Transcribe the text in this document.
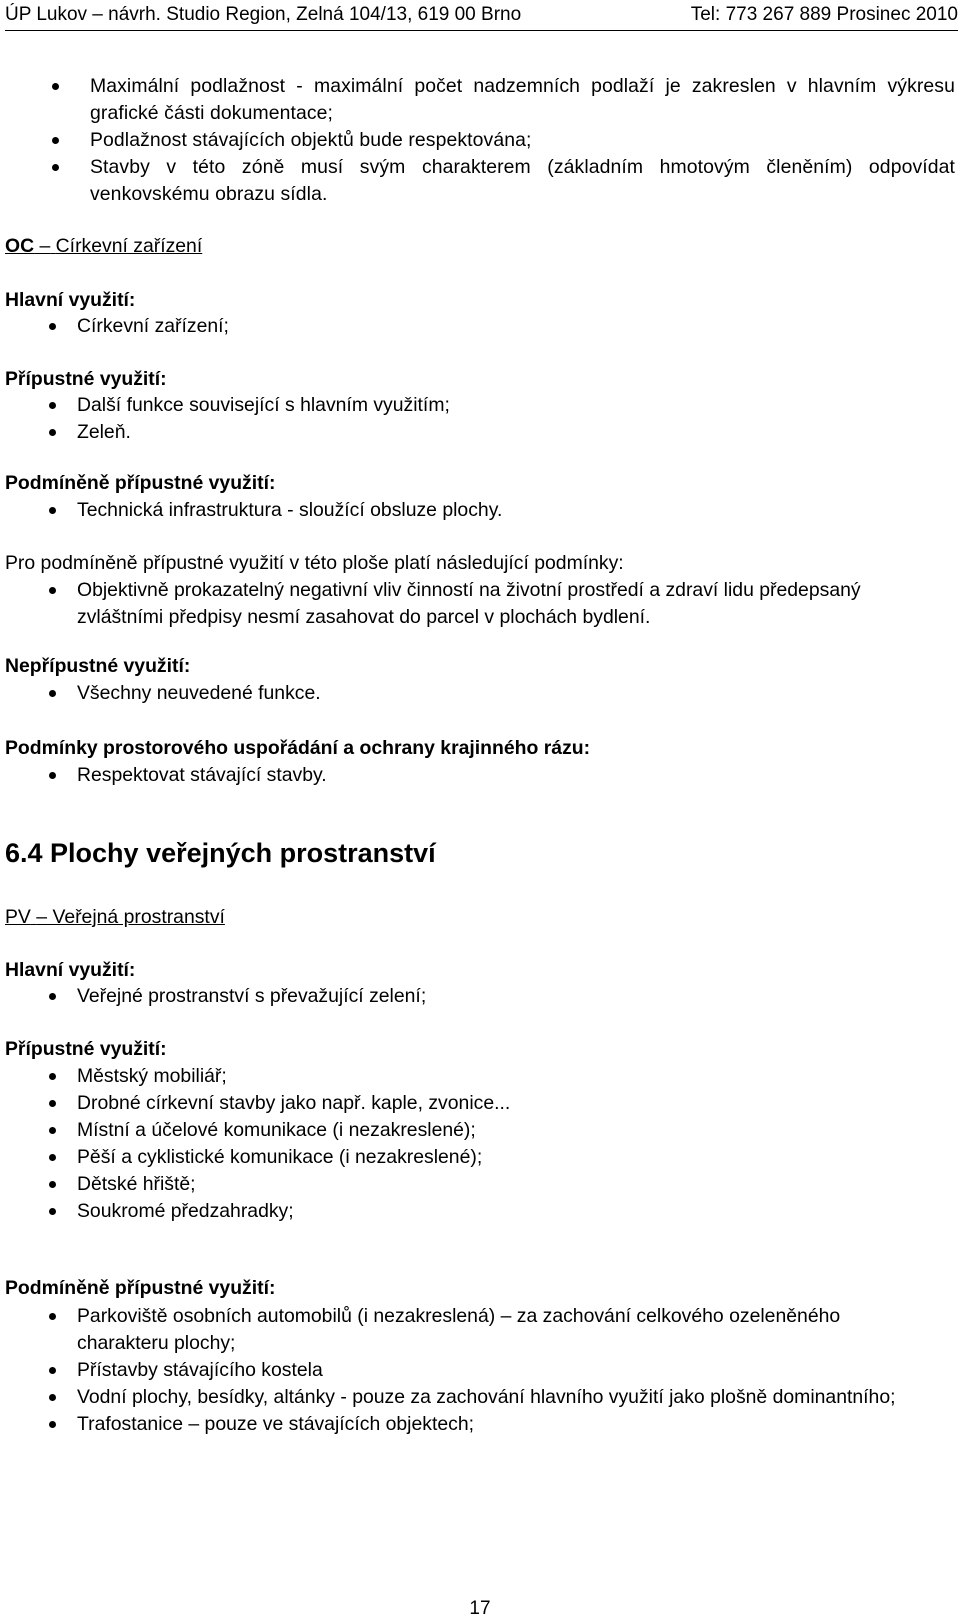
ÚP Lukov – návrh. Studio Region, Zelná 104/13, 619 00 Brno	Tel: 773 267 889 Prosinec 2010
Maximální podlažnost - maximální počet nadzemních podlaží je zakreslen v hlavním výkresu grafické části dokumentace;
Podlažnost stávajících objektů bude respektována;
Stavby v této zóně musí svým charakterem (základním hmotovým členěním) odpovídat venkovskému obrazu sídla.
OC – Církevní zařízení
Hlavní využití:
Církevní zařízení;
Přípustné využití:
Další funkce související s hlavním využitím;
Zeleň.
Podmíněně přípustné využití:
Technická infrastruktura - sloužící obsluze plochy.
Pro podmíněně přípustné využití v této ploše platí následující podmínky:
Objektivně prokazatelný negativní vliv činností na životní prostředí a zdraví lidu předepsaný zvláštními předpisy nesmí zasahovat do parcel v plochách bydlení.
Nepřípustné využití:
Všechny neuvedené funkce.
Podmínky prostorového uspořádání a ochrany krajinného rázu:
Respektovat stávající stavby.
6.4 Plochy veřejných prostranství
PV – Veřejná prostranství
Hlavní využití:
Veřejné prostranství s převažující zelení;
Přípustné využití:
Městský mobiliář;
Drobné církevní stavby jako např. kaple, zvonice...
Místní a účelové komunikace (i nezakreslené);
Pěší a cyklistické komunikace (i nezakreslené);
Dětské hřiště;
Soukromé předzahradky;
Podmíněně přípustné využití:
Parkoviště osobních automobilů (i nezakreslená) – za zachování celkového ozeleněného charakteru plochy;
Přístavby stávajícího kostela
Vodní plochy, besídky, altánky - pouze za zachování hlavního využití jako plošně dominantního;
Trafostanice – pouze ve stávajících objektech;
17
